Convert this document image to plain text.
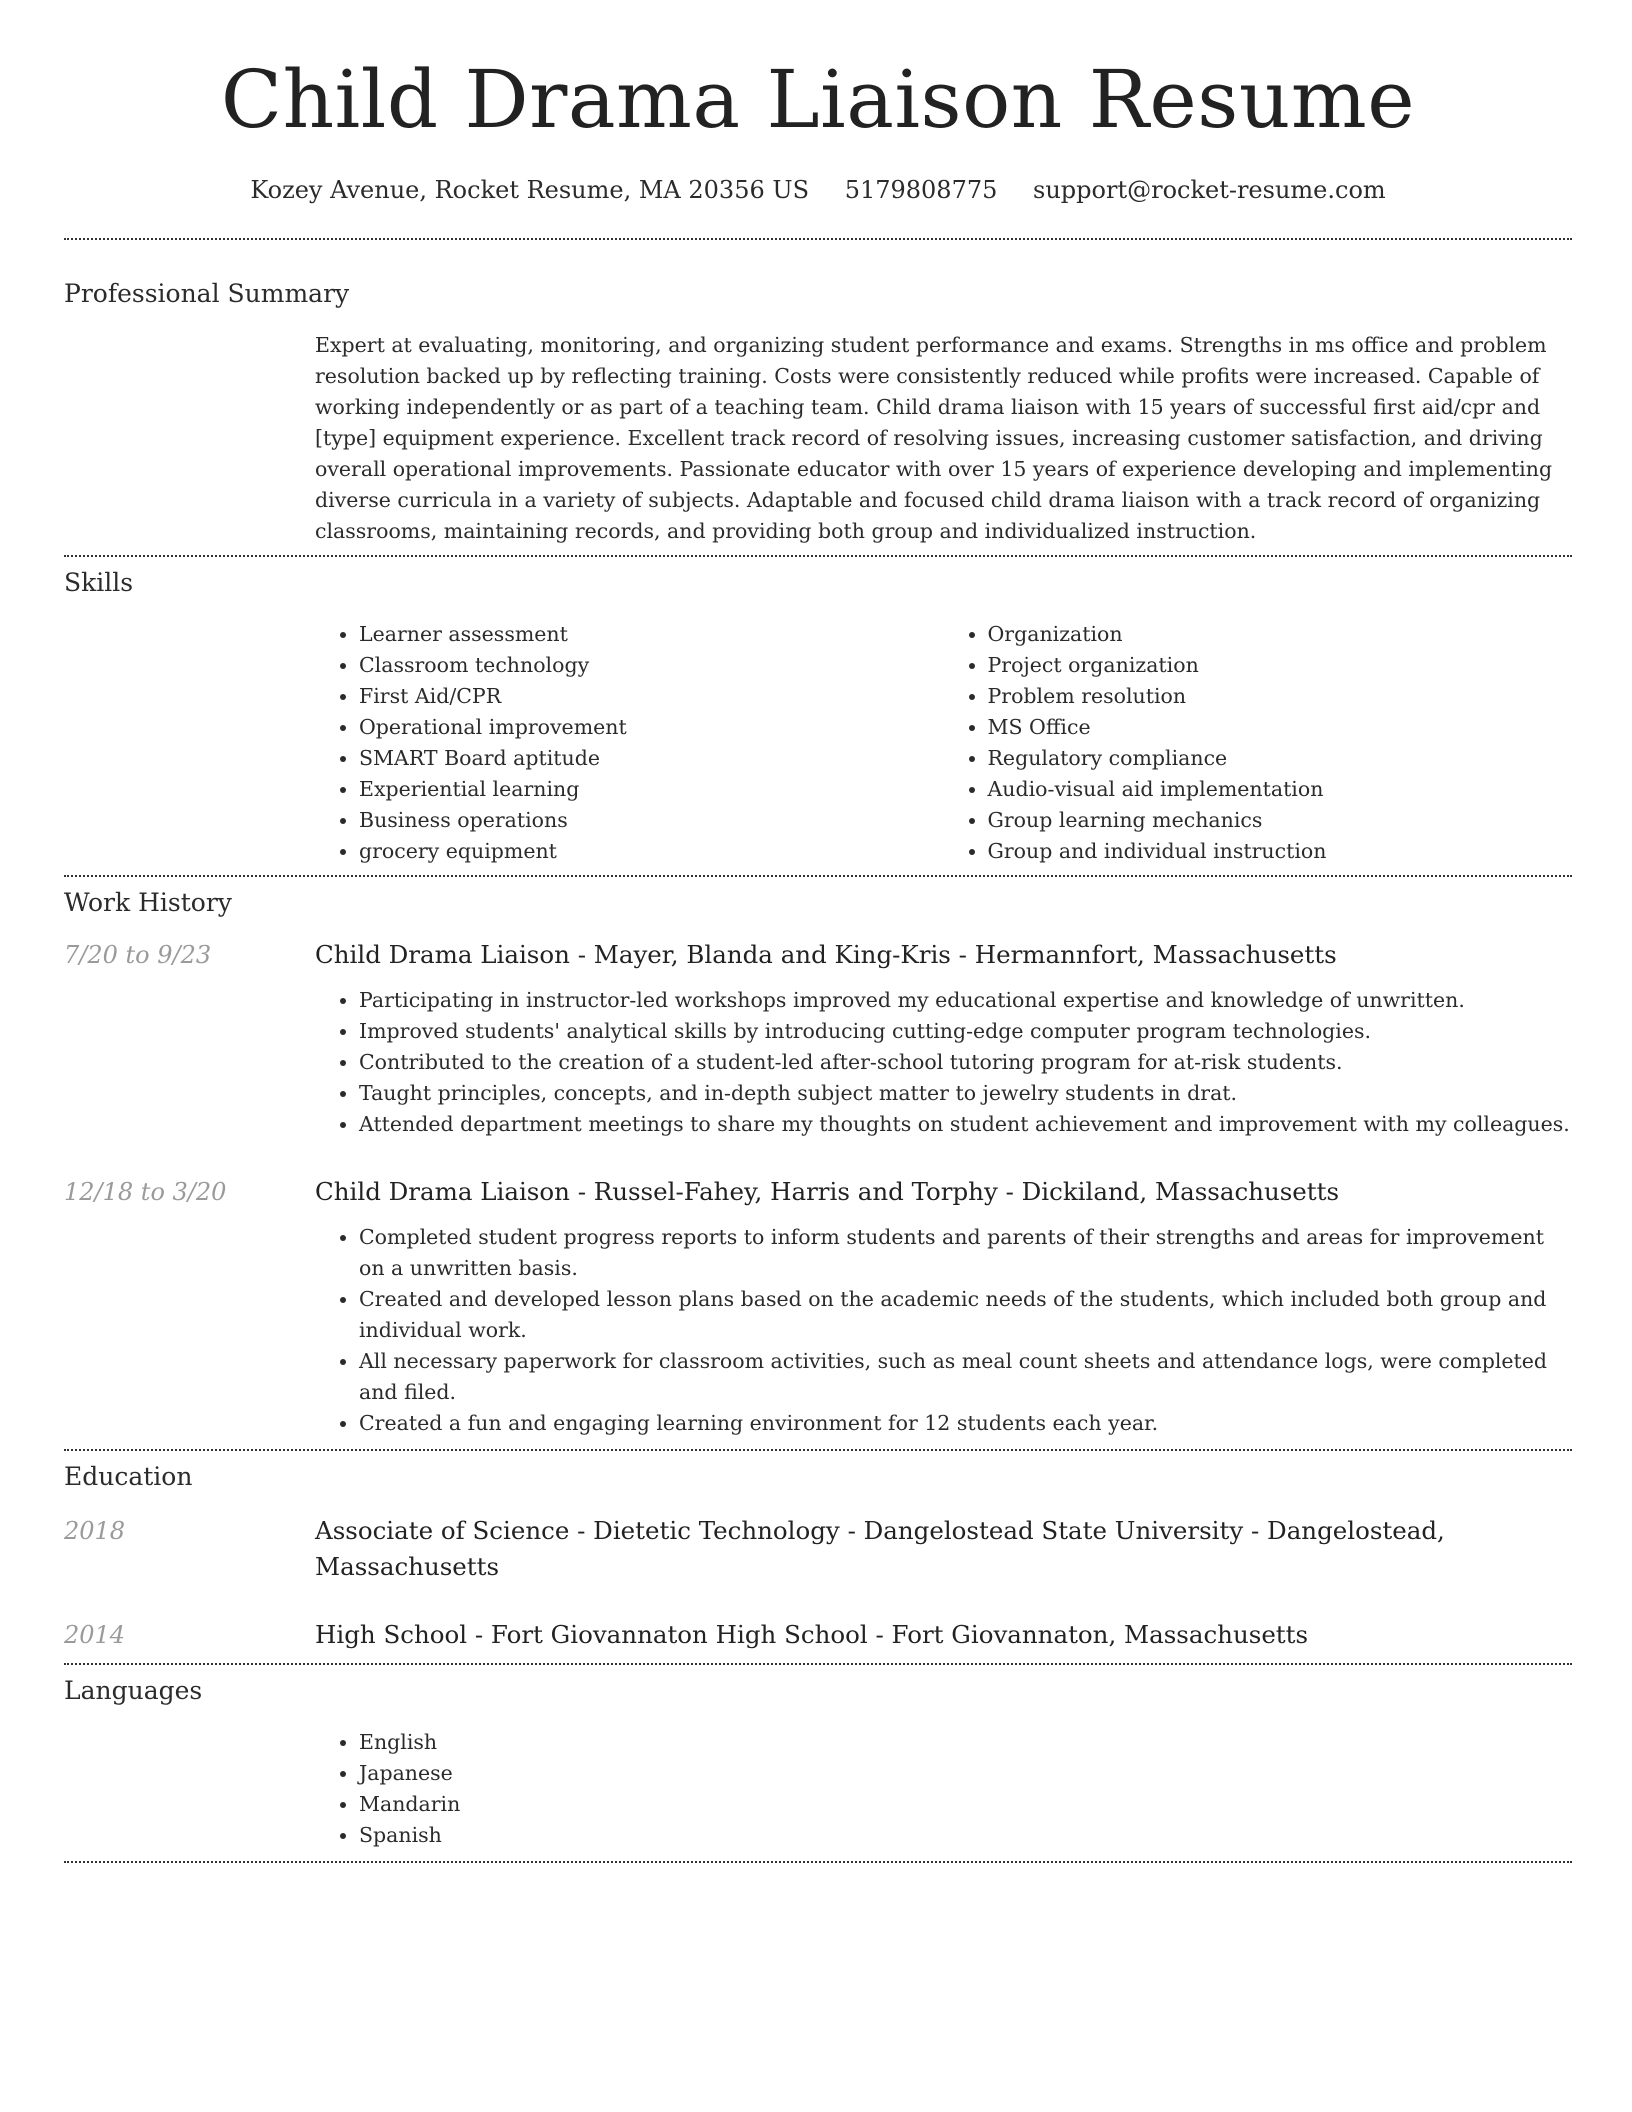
Child Drama Liaison Resume
Kozey Avenue, Rocket Resume, MA 20356 US 5179808775 support@rocket-resume.com
Professional Summary

Expert at evaluating, monitoring, and organizing student performance and exams. Strengths in ms office and problem resolution backed up by reflecting training. Costs were consistently reduced while profits were increased. Capable of working independently or as part of a teaching team. Child drama liaison with 15 years of successful first aid/cpr and [type] equipment experience. Excellent track record of resolving issues, increasing customer satisfaction, and driving overall operational improvements. Passionate educator with over 15 years of experience developing and implementing diverse curricula in a variety of subjects. Adaptable and focused child drama liaison with a track record of organizing classrooms, maintaining records, and providing both group and individualized instruction.

Skills
• Learner assessment
• Classroom technology
• First Aid/CPR
• Operational improvement
• SMART Board aptitude
• Experiential learning
• Business operations
• grocery equipment
• Organization
• Project organization
• Problem resolution
• MS Office
• Regulatory compliance
• Audio-visual aid implementation
• Group learning mechanics
• Group and individual instruction
Work History
7/20 to 9/23	Child Drama Liaison - Mayer, Blanda and King-Kris - Hermannfort, Massachusetts
• Participating in instructor-led workshops improved my educational expertise and knowledge of unwritten.
• Improved students' analytical skills by introducing cutting-edge computer program technologies.
• Contributed to the creation of a student-led after-school tutoring program for at-risk students.
• Taught principles, concepts, and in-depth subject matter to jewelry students in drat.
• Attended department meetings to share my thoughts on student achievement and improvement with my colleagues.
12/18 to 3/20	Child Drama Liaison - Russel-Fahey, Harris and Torphy - Dickiland, Massachusetts
• Completed student progress reports to inform students and parents of their strengths and areas for improvement on a unwritten basis.
• Created and developed lesson plans based on the academic needs of the students, which included both group and individual work.
• All necessary paperwork for classroom activities, such as meal count sheets and attendance logs, were completed and filed.
• Created a fun and engaging learning environment for 12 students each year.
Education
2018	Associate of Science - Dietetic Technology - Dangelostead State University - Dangelostead, Massachusetts
2014	High School - Fort Giovannaton High School - Fort Giovannaton, Massachusetts
Languages
• English
• Japanese
• Mandarin
• Spanish
